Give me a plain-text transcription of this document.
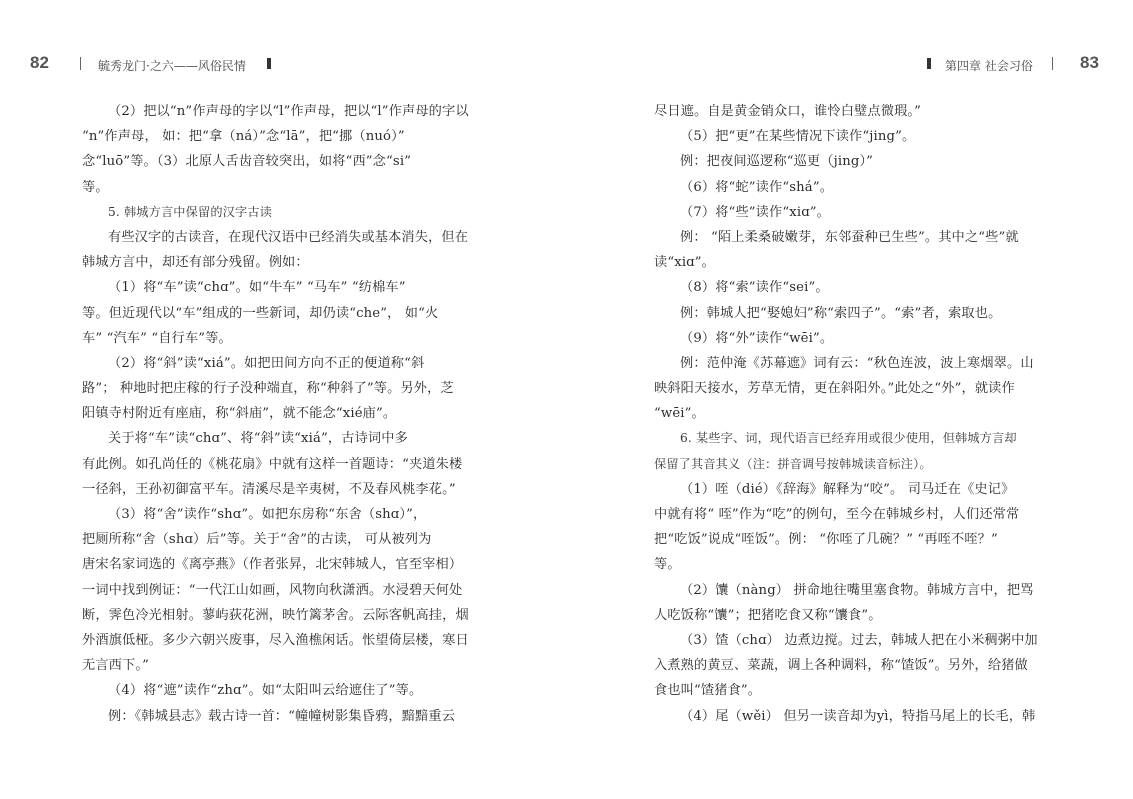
82	毓秀龙门·之六——风俗民情	第四章 社会习俗	83
（2）把以“n”作声母的字以“l”作声母，把以“l”作声母的字以
“n”作声母， 如：把“拿（ná）”念“lā”，把“挪（nuó）”
念“luō”等。（3）北原人舌齿音较突出，如将“西”念“si”
等。
5. 韩城方言中保留的汉字古读
有些汉字的古读音，在现代汉语中已经消失或基本消失，但在
韩城方言中，却还有部分残留。例如：
（1）将“车”读“chɑ”。如“牛车” “马车” “纺棉车”
等。但近现代以“车”组成的一些新词，却仍读“che”， 如“火
车” “汽车” “自行车”等。
（2）将“斜”读“xiá”。如把田间方向不正的便道称“斜
路”； 种地时把庄稼的行子没种端直，称“种斜了”等。另外，芝
阳镇寺村附近有座庙，称“斜庙”，就不能念“xié庙”。
关于将“车”读“chɑ”、将“斜”读“xiá”，古诗词中多
有此例。如孔尚任的《桃花扇》中就有这样一首题诗：“夹道朱楼
一径斜，王孙初御富平车。清溪尽是辛夷树，不及春风桃李花。”
（3）将“舍”读作“shɑ”。如把东房称“东舍（shɑ）”，
把厕所称“舍（shɑ）后”等。关于“舍”的古读， 可从被列为
唐宋名家词选的《离亭燕》（作者张昇，北宋韩城人，官至宰相）
一词中找到例证：“一代江山如画，风物向秋潇洒。水浸碧天何处
断，霁色冷光相射。蓼屿荻花洲，映竹篱茅舍。云际客帆高挂，烟
外酒旗低桠。多少六朝兴废事，尽入渔樵闲话。怅望倚层楼，寒日
无言西下。”
（4）将“遮”读作“zhɑ”。如“太阳叫云给遮住了”等。
例：《韩城县志》载古诗一首：“幢幢树影集昏鸦，黯黯重云
尽日遮。自是黄金销众口，谁怜白璧点微瑕。”
（5）把“更”在某些情况下读作“jing”。
例：把夜间巡逻称“巡更（jing）”
（6）将“蛇”读作“shá”。
（7）将“些”读作“xiɑ”。
例： “陌上柔桑破嫩芽，东邻蚕种已生些”。其中之“些”就
读“xiɑ”。
（8）将“索”读作“sei”。
例：韩城人把“娶媳妇”称“索四子”。“索”者，索取也。
（9）将“外”读作“wēi”。
例：范仲淹《苏幕遮》词有云：“秋色连波，波上寒烟翠。山
映斜阳天接水，芳草无情，更在斜阳外。”此处之“外”，就读作
“wēi”。
6. 某些字、词，现代语言已经弃用或很少使用，但韩城方言却
保留了其音其义（注：拼音调号按韩城读音标注）。
（1）咥（dié）《辞海》解释为“咬”。 司马迁在《史记》
中就有将“ 咥”作为“吃”的例句，至今在韩城乡村，人们还常常
把“吃饭”说成“咥饭”。例： “你咥了几碗？” “再咥不咥？”
等。
（2）馕（nàng） 拼命地往嘴里塞食物。韩城方言中，把骂
人吃饭称“馕”；把猪吃食又称“馕食”。
（3）馇（chɑ） 边煮边搅。过去，韩城人把在小米稠粥中加
入煮熟的黄豆、菜蔬，调上各种调料，称“馇饭”。另外，给猪做
食也叫“馇猪食”。
（4）尾（wěi） 但另一读音却为yì，特指马尾上的长毛，韩
